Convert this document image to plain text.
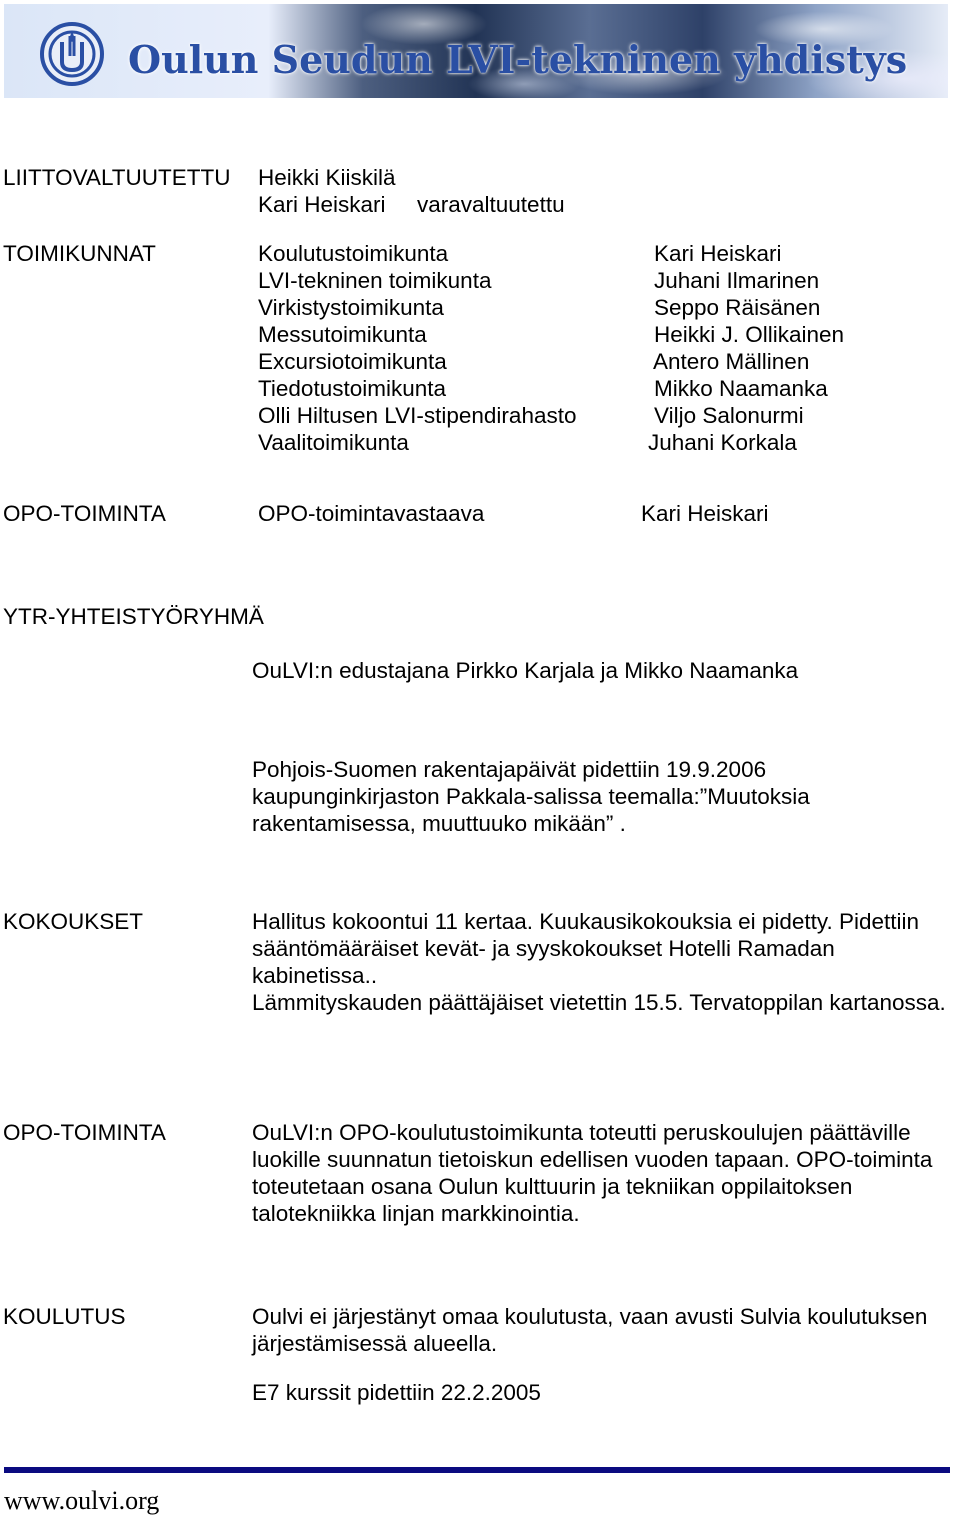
Oulun Seudun LVI-tekninen yhdistys

LIITTOVALTUUTETTU Heikki Kiiskilä

Kari Heiskari varavaltuutettu

TOIMIKUNNAT	Koulutustoimikunta	Kari Heiskari

LVI-tekninen toimikunta	Juhani Ilmarinen

Virkistystoimikunta	Seppo Räisänen

Messutoimikunta	Heikki J. Ollikainen

Excursiotoimikunta	Antero Mällinen

Tiedotustoimikunta	Mikko Naamanka

Olli Hiltusen LVI-stipendirahasto	Viljo Salonurmi

Vaalitoimikunta	Juhani Korkala

OPO-TOIMINTA	OPO-toimintavastaava	Kari Heiskari

YTR-YHTEISTYÖRYHMÄ

OuLVI:n edustajana Pirkko Karjala ja Mikko Naamanka

Pohjois-Suomen rakentajapäivät pidettiin 19.9.2006

kaupunginkirjaston Pakkala-salissa teemalla:”Muutoksia

rakentamisessa, muuttuuko mikään” .

KOKOUKSET	Hallitus kokoontui 11 kertaa. Kuukausikokouksia ei pidetty. Pidettiin sääntömääräiset kevät- ja syyskokoukset Hotelli Ramadan kabinetissa..

Lämmityskauden päättäjäiset vietettin 15.5. Tervatoppilan kartanossa.

OPO-TOIMINTA	OuLVI:n OPO-koulutustoimikunta toteutti peruskoulujen päättäville luokille suunnatun tietoiskun edellisen vuoden tapaan. OPO-toiminta toteutetaan osana Oulun kulttuurin ja tekniikan oppilaitoksen talotekniikka linjan markkinointia.

KOULUTUS	Oulvi ei järjestänyt omaa koulutusta, vaan avusti Sulvia koulutuksen järjestämisessä alueella.

E7 kurssit pidettiin 22.2.2005

www.oulvi.org
